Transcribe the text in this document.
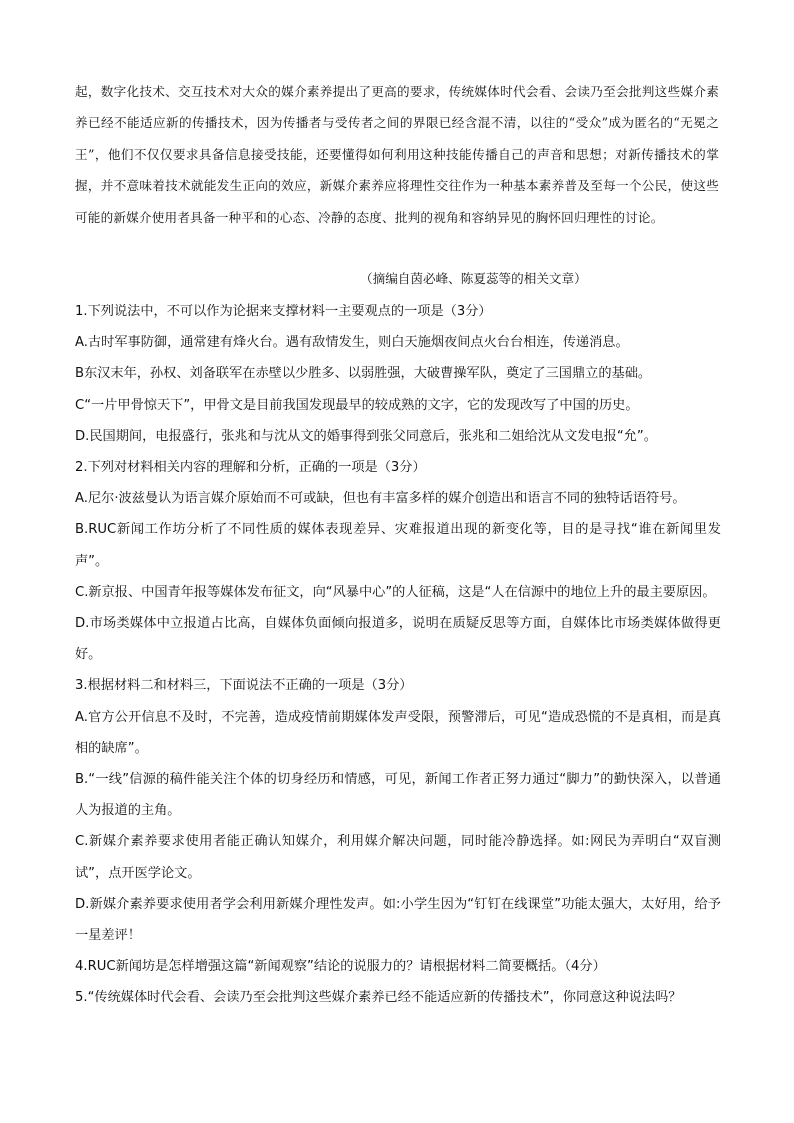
起，数字化技术、交互技术对大众的媒介素养提出了更高的要求，传统媒体时代会看、会读乃至会批判这些媒介素养已经不能适应新的传播技术，因为传播者与受传者之间的界限已经含混不清，以往的“受众”成为匿名的“无冕之王”，他们不仅仅要求具备信息接受技能，还要懂得如何利用这种技能传播自己的声音和思想；对新传播技术的掌握，并不意味着技术就能发生正向的效应，新媒介素养应将理性交往作为一种基本素养普及至每一个公民，使这些可能的新媒介使用者具备一种平和的心态、冷静的态度、批判的视角和容纳异见的胸怀回归理性的讨论。

（摘编自茵必峰、陈夏蕊等的相关文章）

1.下列说法中，不可以作为论据来支撑材料一主要观点的一项是（3分）

A.古时军事防御，通常建有烽火台。遇有敌情发生，则白天施烟夜间点火台台相连，传递消息。

B东汉末年，孙权、刘备联军在赤壁以少胜多、以弱胜强，大破曹操军队，奠定了三国鼎立的基础。

C“一片甲骨惊天下”，甲骨文是目前我国发现最早的较成熟的文字，它的发现改写了中国的历史。

D.民国期间，电报盛行，张兆和与沈从文的婚事得到张父同意后，张兆和二姐给沈从文发电报“允”。

2.下列对材料相关内容的理解和分析，正确的一项是（3分）

A.尼尔·波兹曼认为语言媒介原始而不可或缺，但也有丰富多样的媒介创造出和语言不同的独特话语符号。

B.RUC新闻工作坊分析了不同性质的媒体表现差异、灾难报道出现的新变化等，目的是寻找“谁在新闻里发声”。

C.新京报、中国青年报等媒体发布征文，向“风暴中心”的人征稿，这是“人在信源中的地位上升的最主要原因。

D.市场类媒体中立报道占比高，自媒体负面倾向报道多，说明在质疑反思等方面，自媒体比市场类媒体做得更好。

3.根据材料二和材料三，下面说法不正确的一项是（3分）

A.官方公开信息不及时，不完善，造成疫情前期媒体发声受限，预警滞后，可见“造成恐慌的不是真相，而是真相的缺席”。

B.“一线”信源的稿件能关注个体的切身经历和情感，可见，新闻工作者正努力通过“脚力”的勤快深入，以普通人为报道的主角。

C.新媒介素养要求使用者能正确认知媒介，利用媒介解决问题，同时能冷静选择。如:网民为弄明白“双盲测试”，点开医学论文。

D.新媒介素养要求使用者学会利用新媒介理性发声。如:小学生因为“钉钉在线课堂”功能太强大，太好用，给予一星差评！

4.RUC新闻坊是怎样增强这篇“新闻观察”结论的说服力的？请根据材料二简要概括。（4分）

5.“传统媒体时代会看、会读乃至会批判这些媒介素养已经不能适应新的传播技术”，你同意这种说法吗？
